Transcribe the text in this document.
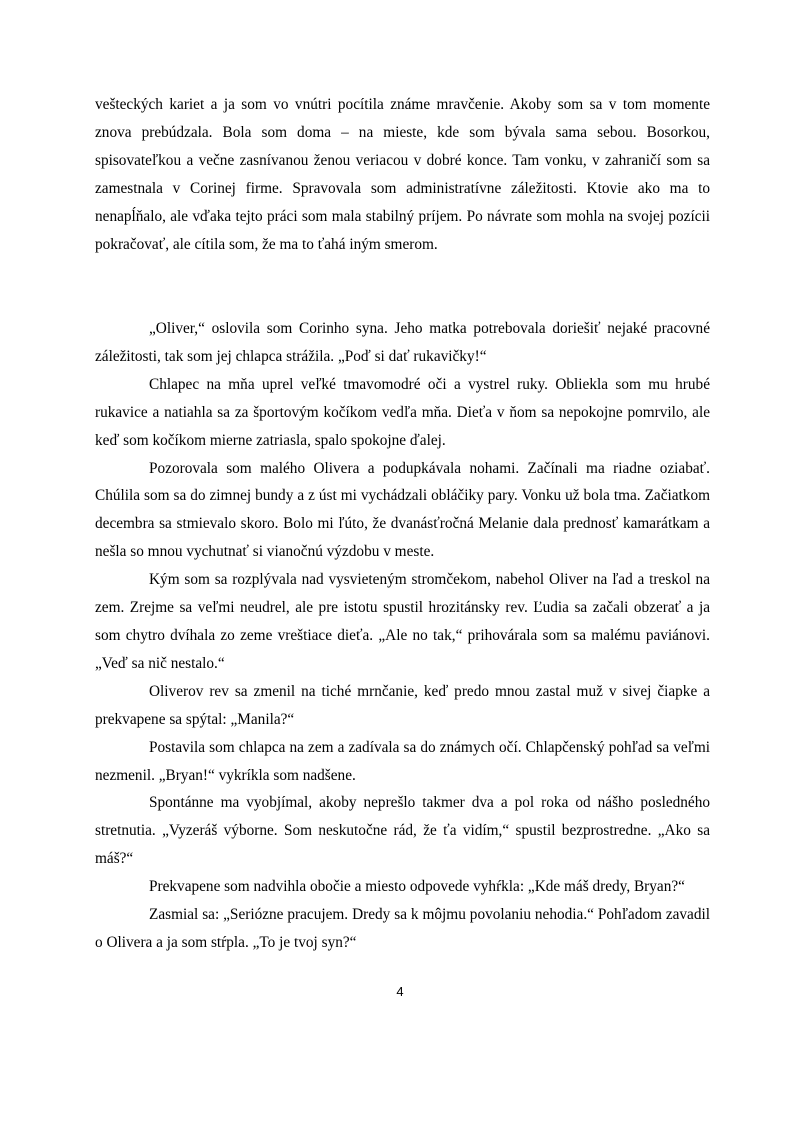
vešteckých kariet a ja som vo vnútri pocítila známe mravčenie. Akoby som sa v tom momente znova prebúdzala. Bola som doma – na mieste, kde som bývala sama sebou. Bosorkou, spisovateľkou a večne zasnívanou ženou veriacou v dobré konce. Tam vonku, v zahraničí som sa zamestnala v Corinej firme. Spravovala som administratívne záležitosti. Ktovie ako ma to nenapĺňalo, ale vďaka tejto práci som mala stabilný príjem. Po návrate som mohla na svojej pozícii pokračovať, ale cítila som, že ma to ťahá iným smerom.

„Oliver,“ oslovila som Corinho syna. Jeho matka potrebovala doriešiť nejaké pracovné záležitosti, tak som jej chlapca strážila. „Poď si dať rukavičky!“

Chlapec na mňa uprel veľké tmavomodré oči a vystrel ruky. Obliekla som mu hrubé rukavice a natiahla sa za športovým kočíkom vedľa mňa. Dieťa v ňom sa nepokojne pomrvilo, ale keď som kočíkom mierne zatriasla, spalo spokojne ďalej.

Pozorovala som malého Olivera a podupkávala nohami. Začínali ma riadne oziabať. Chúlila som sa do zimnej bundy a z úst mi vychádzali obláčiky pary. Vonku už bola tma. Začiatkom decembra sa stmievalo skoro. Bolo mi ľúto, že dvanásťročná Melanie dala prednosť kamarátkam a nešla so mnou vychutnať si vianočnú výzdobu v meste.

Kým som sa rozplývala nad vysvieteným stromčekom, nabehol Oliver na ľad a treskol na zem. Zrejme sa veľmi neudrel, ale pre istotu spustil hrozitánsky rev. Ľudia sa začali obzerať a ja som chytro dvíhala zo zeme vreštiace dieťa. „Ale no tak,“ prihovárala som sa malému paviánovi. „Veď sa nič nestalo.“

Oliverov rev sa zmenil na tiché mrnčanie, keď predo mnou zastal muž v sivej čiapke a prekvapene sa spýtal: „Manila?“

Postavila som chlapca na zem a zadívala sa do známych očí. Chlapčenský pohľad sa veľmi nezmenil. „Bryan!“ vykríkla som nadšene.

Spontánne ma vyobjímal, akoby neprešlo takmer dva a pol roka od nášho posledného stretnutia. „Vyzeráš výborne. Som neskutočne rád, že ťa vidím,“ spustil bezprostredne. „Ako sa máš?“

Prekvapene som nadvihla obočie a miesto odpovede vyhŕkla: „Kde máš dredy, Bryan?“

Zasmial sa: „Seriózne pracujem. Dredy sa k môjmu povolaniu nehodia.“ Pohľadom zavadil o Olivera a ja som stŕpla. „To je tvoj syn?“

4
